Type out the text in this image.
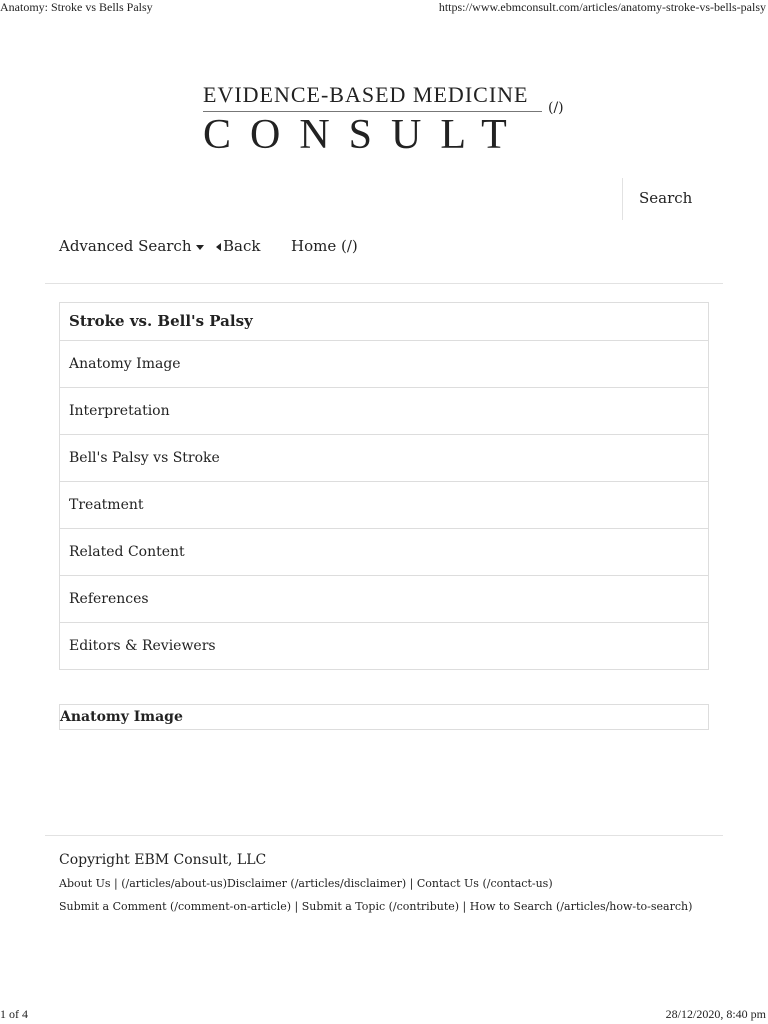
Anatomy: Stroke vs Bells Palsy	https://www.ebmconsult.com/articles/anatomy-stroke-vs-bells-palsy
1 of 4	28/12/2020, 8:40 pm
EVIDENCE-BASED MEDICINE
CONSULT
(/)
Search
Advanced Search	Back Home (/)
Stroke vs. Bell's Palsy
Anatomy Image
Interpretation
Bell's Palsy vs Stroke
Treatment
Related Content
References
Editors & Reviewers
Anatomy Image
Copyright EBM Consult, LLC
About Us | (/articles/about-us)Disclaimer (/articles/disclaimer) | Contact Us (/contact-us)
Submit a Comment (/comment-on-article) | Submit a Topic (/contribute) | How to Search (/articles/how-to-search)
